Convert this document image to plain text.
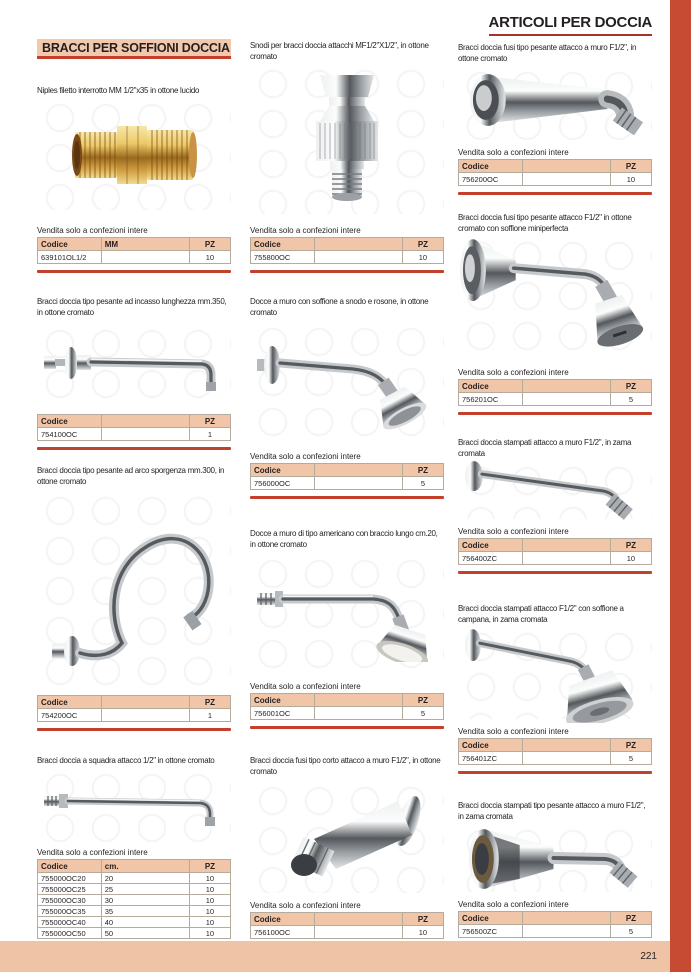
BRACCI PER SOFFIONI DOCCIA
ARTICOLI PER DOCCIA

Niples filetto interrotto MM 1/2"x35 in ottone lucido

Vendita solo a confezioni intere

Codice	MM	PZ
639101OL1/2		10

Bracci doccia tipo pesante ad incasso lunghezza mm.350, in ottone cromato

Codice		PZ
754100OC		1

Bracci doccia tipo pesante ad arco sporgenza mm.300, in ottone cromato

Codice		PZ
754200OC		1

Bracci doccia a squadra attacco 1/2" in ottone cromato

Vendita solo a confezioni intere

Codice	cm.	PZ
755000OC20	20	10
755000OC25	25	10
755000OC30	30	10
755000OC35	35	10
755000OC40	40	10
755000OC50	50	10

Snodi per bracci doccia attacchi MF1/2"X1/2", in ottone cromato

Vendita solo a confezioni intere

Codice		PZ
755800OC		10

Docce a muro con soffione a snodo e rosone, in ottone cromato

Vendita solo a confezioni intere

Codice		PZ
756000OC		5

Docce a muro di tipo americano con braccio lungo cm.20, in ottone cromato

Vendita solo a confezioni intere

Codice		PZ
756001OC		5

Bracci doccia fusi tipo corto attacco a muro F1/2", in ottone cromato

Vendita solo a confezioni intere

Codice		PZ
756100OC		10

Bracci doccia fusi tipo pesante attacco a muro F1/2", in ottone cromato

Vendita solo a confezioni intere

Codice		PZ
756200OC		10

Bracci doccia fusi tipo pesante attacco F1/2" in ottone cromato con soffione miniperfecta

Vendita solo a confezioni intere

Codice		PZ
756201OC		5

Bracci doccia stampati attacco a muro F1/2", in zama cromata

Vendita solo a confezioni intere

Codice		PZ
756400ZC		10

Bracci doccia stampati attacco F1/2" con soffione a campana, in zama cromata

Vendita solo a confezioni intere

Codice		PZ
756401ZC		5

Bracci doccia stampati tipo pesante attacco a muro F1/2", in zama cromata

Vendita solo a confezioni intere

Codice		PZ
756500ZC		5
221
